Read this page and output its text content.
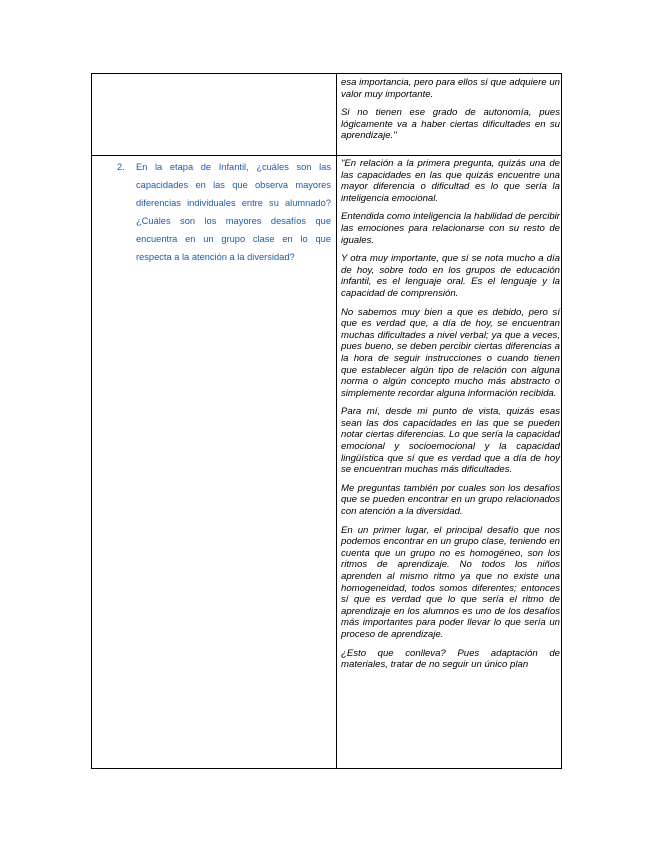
esa importancia, pero para ellos sí que adquiere un valor muy importante.

Si no tienen ese grado de autonomía, pues lógicamente va a haber ciertas dificultades en su aprendizaje."

2.	En la etapa de Infantil, ¿cuáles son las capacidades en las que observa mayores diferencias individuales entre su alumnado? ¿Cuáles son los mayores desafíos que encuentra en un grupo clase en lo que respecta a la atención a la diversidad?

"En relación a la primera pregunta, quizás una de las capacidades en las que quizás encuentre una mayor diferencia o dificultad es lo que sería la inteligencia emocional.

Entendida como inteligencia la habilidad de percibir las emociones para relacionarse con su resto de iguales.

Y otra muy importante, que sí se nota mucho a día de hoy, sobre todo en los grupos de educación infantil, es el lenguaje oral. Es el lenguaje y la capacidad de comprensión.

No sabemos muy bien a que es debido, pero sí que es verdad que, a día de hoy, se encuentran muchas dificultades a nivel verbal; ya que a veces, pues bueno, se deben percibir ciertas diferencias a la hora de seguir instrucciones o cuando tienen que establecer algún tipo de relación con alguna norma o algún concepto mucho más abstracto o simplemente recordar alguna información recibida.

Para mí, desde mi punto de vista, quizás esas sean las dos capacidades en las que se pueden notar ciertas diferencias. Lo que sería la capacidad emocional y socioemocional y la capacidad lingüística que sí que es verdad que a día de hoy se encuentran muchas más dificultades.

Me preguntas también por cuales son los desafíos que se pueden encontrar en un grupo relacionados con atención a la diversidad.

En un primer lugar, el principal desafío que nos podemos encontrar en un grupo clase, teniendo en cuenta que un grupo no es homogéneo, son los ritmos de aprendizaje. No todos los niños aprenden al mismo ritmo ya que no existe una homogeneidad, todos somos diferentes; entonces sí que es verdad que lo que sería el ritmo de aprendizaje en los alumnos es uno de los desafíos más importantes para poder llevar lo que sería un proceso de aprendizaje.

¿Esto que conlleva? Pues adaptación de materiales, tratar de no seguir un único plan
